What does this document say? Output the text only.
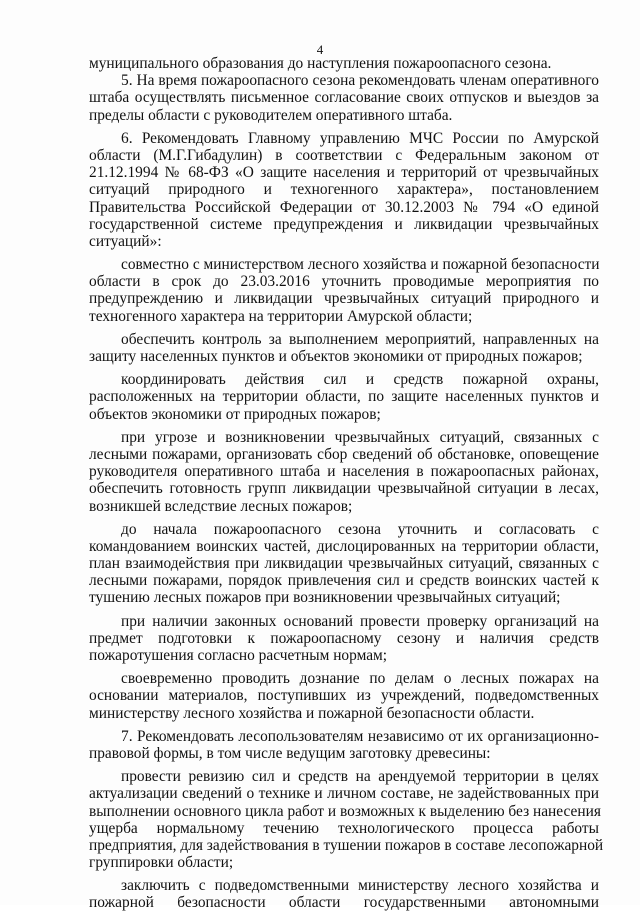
4
муниципального образования до наступления пожароопасного сезона.
5. На время пожароопасного сезона рекомендовать членам оперативного
штаба осуществлять письменное согласование своих отпусков и выездов за
пределы области с руководителем оперативного штаба.
6. Рекомендовать Главному управлению МЧС России по Амурской
области (М.Г.Гибадулин) в соответствии с Федеральным законом от
21.12.1994 № 68-ФЗ «О защите населения и территорий от чрезвычайных
ситуаций природного и техногенного характера», постановлением
Правительства Российской Федерации от 30.12.2003 № 794 «О единой
государственной системе предупреждения и ликвидации чрезвычайных
ситуаций»:
совместно с министерством лесного хозяйства и пожарной безопасности
области в срок до 23.03.2016 уточнить проводимые мероприятия по
предупреждению и ликвидации чрезвычайных ситуаций природного и
техногенного характера на территории Амурской области;
обеспечить контроль за выполнением мероприятий, направленных на
защиту населенных пунктов и объектов экономики от природных пожаров;
координировать действия сил и средств пожарной охраны,
расположенных на территории области, по защите населенных пунктов и
объектов экономики от природных пожаров;
при угрозе и возникновении чрезвычайных ситуаций, связанных с
лесными пожарами, организовать сбор сведений об обстановке, оповещение
руководителя оперативного штаба и населения в пожароопасных районах,
обеспечить готовность групп ликвидации чрезвычайной ситуации в лесах,
возникшей вследствие лесных пожаров;
до начала пожароопасного сезона уточнить и согласовать с
командованием воинских частей, дислоцированных на территории области,
план взаимодействия при ликвидации чрезвычайных ситуаций, связанных с
лесными пожарами, порядок привлечения сил и средств воинских частей к
тушению лесных пожаров при возникновении чрезвычайных ситуаций;
при наличии законных оснований провести проверку организаций на
предмет подготовки к пожароопасному сезону и наличия средств
пожаротушения согласно расчетным нормам;
своевременно проводить дознание по делам о лесных пожарах на
основании материалов, поступивших из учреждений, подведомственных
министерству лесного хозяйства и пожарной безопасности области.
7. Рекомендовать лесопользователям независимо от их организационно-
правовой формы, в том числе ведущим заготовку древесины:
провести ревизию сил и средств на арендуемой территории в целях
актуализации сведений о технике и личном составе, не задействованных при
выполнении основного цикла работ и возможных к выделению без нанесения
ущерба нормальному течению технологического процесса работы
предприятия, для задействования в тушении пожаров в составе лесопожарной
группировки области;
заключить с подведомственными министерству лесного хозяйства и
пожарной безопасности области государственными автономными
